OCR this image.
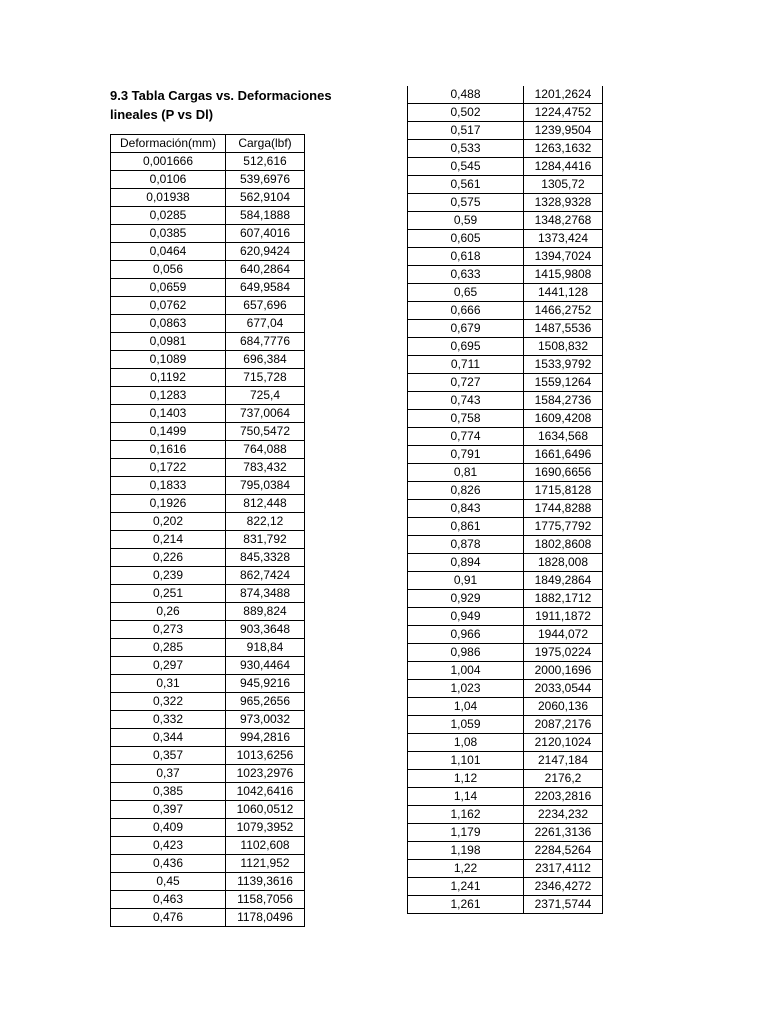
9.3 Tabla Cargas vs. Deformaciones lineales (P vs Dl)
Deformación(mm)	Carga(lbf)
0,001666	512,616
0,0106	539,6976
0,01938	562,9104
0,0285	584,1888
0,0385	607,4016
0,0464	620,9424
0,056	640,2864
0,0659	649,9584
0,0762	657,696
0,0863	677,04
0,0981	684,7776
0,1089	696,384
0,1192	715,728
0,1283	725,4
0,1403	737,0064
0,1499	750,5472
0,1616	764,088
0,1722	783,432
0,1833	795,0384
0,1926	812,448
0,202	822,12
0,214	831,792
0,226	845,3328
0,239	862,7424
0,251	874,3488
0,26	889,824
0,273	903,3648
0,285	918,84
0,297	930,4464
0,31	945,9216
0,322	965,2656
0,332	973,0032
0,344	994,2816
0,357	1013,6256
0,37	1023,2976
0,385	1042,6416
0,397	1060,0512
0,409	1079,3952
0,423	1102,608
0,436	1121,952
0,45	1139,3616
0,463	1158,7056
0,476	1178,0496
0,488	1201,2624
0,502	1224,4752
0,517	1239,9504
0,533	1263,1632
0,545	1284,4416
0,561	1305,72
0,575	1328,9328
0,59	1348,2768
0,605	1373,424
0,618	1394,7024
0,633	1415,9808
0,65	1441,128
0,666	1466,2752
0,679	1487,5536
0,695	1508,832
0,711	1533,9792
0,727	1559,1264
0,743	1584,2736
0,758	1609,4208
0,774	1634,568
0,791	1661,6496
0,81	1690,6656
0,826	1715,8128
0,843	1744,8288
0,861	1775,7792
0,878	1802,8608
0,894	1828,008
0,91	1849,2864
0,929	1882,1712
0,949	1911,1872
0,966	1944,072
0,986	1975,0224
1,004	2000,1696
1,023	2033,0544
1,04	2060,136
1,059	2087,2176
1,08	2120,1024
1,101	2147,184
1,12	2176,2
1,14	2203,2816
1,162	2234,232
1,179	2261,3136
1,198	2284,5264
1,22	2317,4112
1,241	2346,4272
1,261	2371,5744
